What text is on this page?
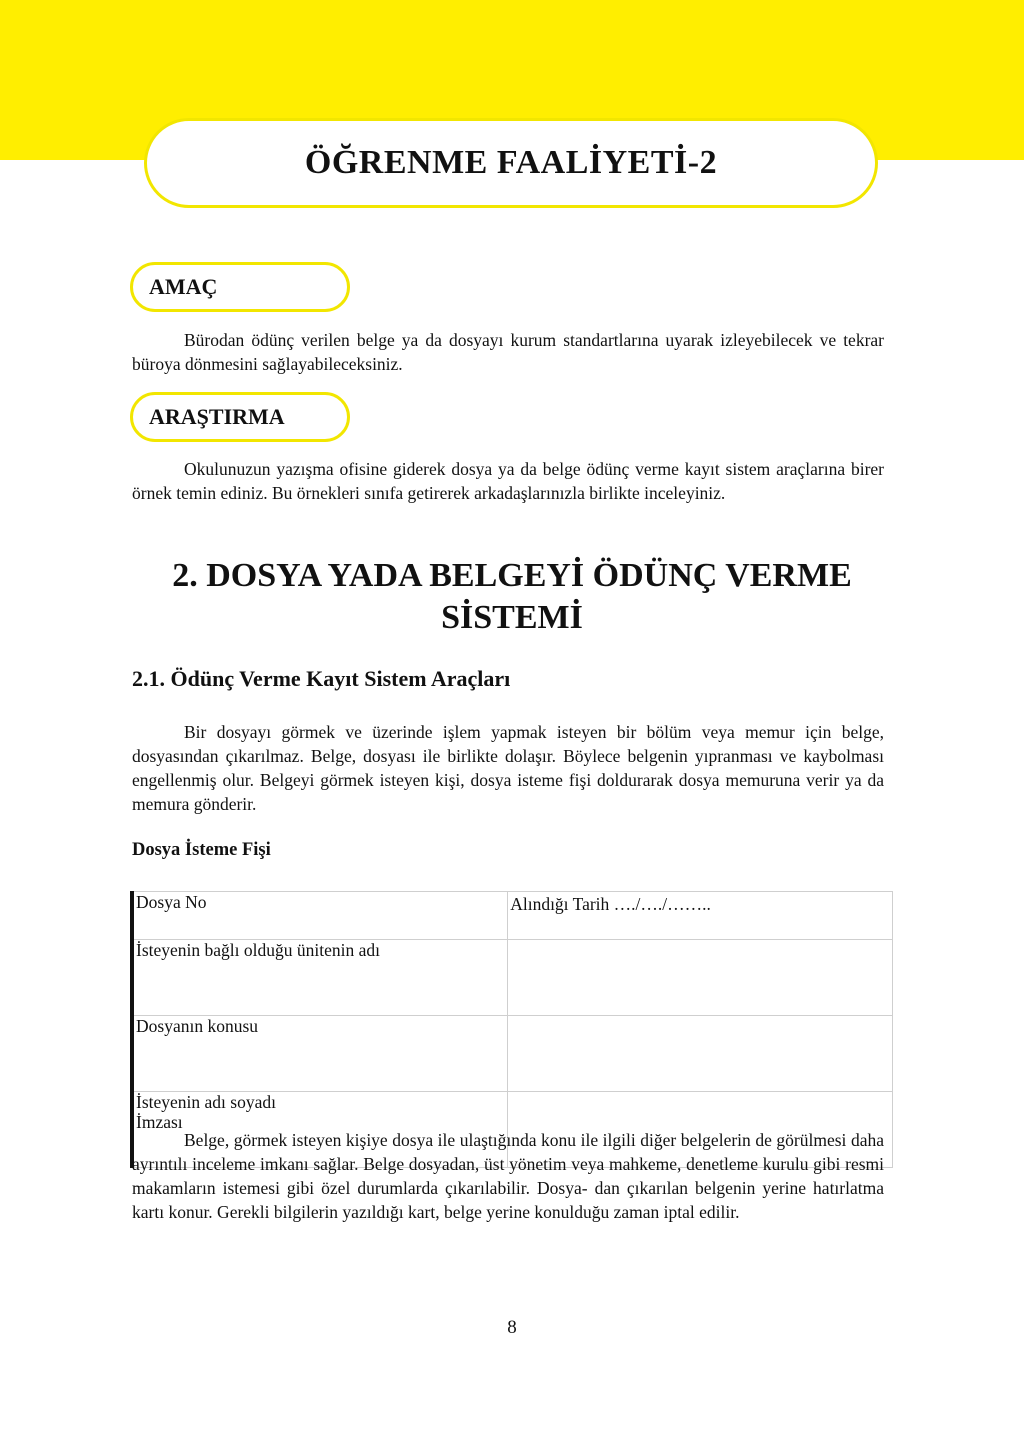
ÖĞRENME FAALİYETİ-2
AMAÇ
Bürodan ödünç verilen belge ya da dosyayı kurum standartlarına uyarak izleyebilecek ve tekrar büroya dönmesini sağlayabileceksiniz.
ARAŞTIRMA
Okulunuzun yazışma ofisine giderek dosya ya da belge ödünç verme kayıt sistem araçlarına birer örnek temin ediniz. Bu örnekleri sınıfa getirerek arkadaşlarınızla birlikte inceleyiniz.
2. DOSYA YADA BELGEYİ ÖDÜNÇ VERME
SİSTEMİ
2.1. Ödünç Verme Kayıt Sistem Araçları
Bir dosyayı görmek ve üzerinde işlem yapmak isteyen bir bölüm veya memur için belge, dosyasından çıkarılmaz. Belge, dosyası ile birlikte dolaşır. Böylece belgenin yıpranması ve kaybolması engellenmiş olur. Belgeyi görmek isteyen kişi, dosya isteme fişi doldurarak dosya memuruna verir ya da memura gönderir.
Dosya İsteme Fişi
Dosya No	Alındığı Tarih …./…./……..
İsteyenin bağlı olduğu ünitenin adı	
Dosyanın konusu	

İsteyenin adı soyadı
İmzası	

Belge, görmek isteyen kişiye dosya ile ulaştığında konu ile ilgili diğer belgelerin de görülmesi daha ayrıntılı inceleme imkanı sağlar. Belge dosyadan, üst yönetim veya mahkeme, denetleme kurulu gibi resmi makamların istemesi gibi özel durumlarda çıkarılabilir. Dosya- dan çıkarılan belgenin yerine hatırlatma kartı konur. Gerekli bilgilerin yazıldığı kart, belge yerine konulduğu zaman iptal edilir.
8
